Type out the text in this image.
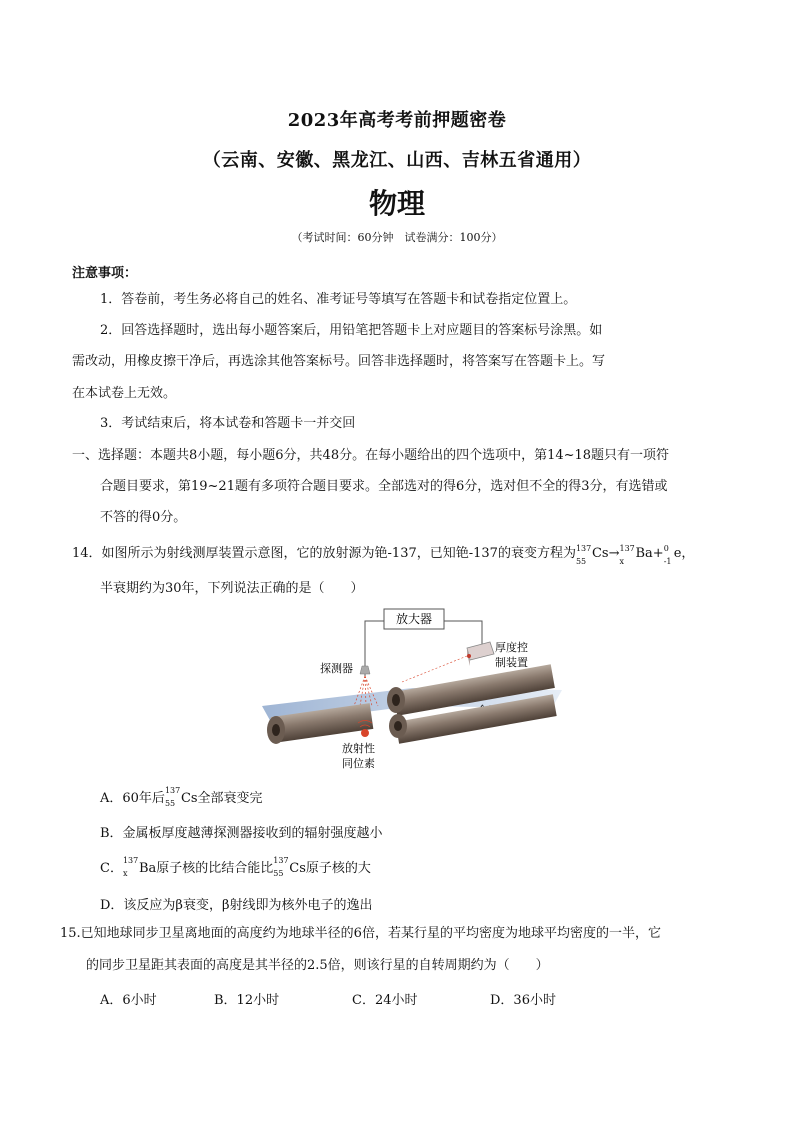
2023年高考考前押题密卷
（云南、安徽、黑龙江、山西、吉林五省通用）
物理
（考试时间：60分钟　试卷满分：100分）
注意事项：
1．答卷前，考生务必将自己的姓名、准考证号等填写在答题卡和试卷指定位置上。
2．回答选择题时，选出每小题答案后，用铅笔把答题卡上对应题目的答案标号涂黑。如
需改动，用橡皮擦干净后，再选涂其他答案标号。回答非选择题时，将答案写在答题卡上。写
在本试卷上无效。
3．考试结束后，将本试卷和答题卡一并交回
一、选择题：本题共8小题，每小题6分，共48分。在每小题给出的四个选项中，第14~18题只有一项符
合题目要求，第19~21题有多项符合题目要求。全部选对的得6分，选对但不全的得3分，有选错或
不答的得0分。
14．如图所示为射线测厚装置示意图，它的放射源为铯-137，已知铯-137的衰变方程为 137
55 Cs→ 137
x Ba+ 0
-1 e，
半衰期约为30年，下列说法正确的是（　　）
放大器
厚度控
制装置
探测器
放射性
同位素
A．60年后
137
55 Cs全部衰变完
B．金属板厚度越薄探测器接收到的辐射强度越小
C．
137
x Ba原子核的比结合能比
137
55 Cs原子核的大
D．该反应为β衰变，β射线即为核外电子的逸出
15.已知地球同步卫星离地面的高度约为地球半径的6倍，若某行星的平均密度为地球平均密度的一半，它
的同步卫星距其表面的高度是其半径的2.5倍，则该行星的自转周期约为（　　）
A．6小时	B．12小时	C．24小时	D．36小时
